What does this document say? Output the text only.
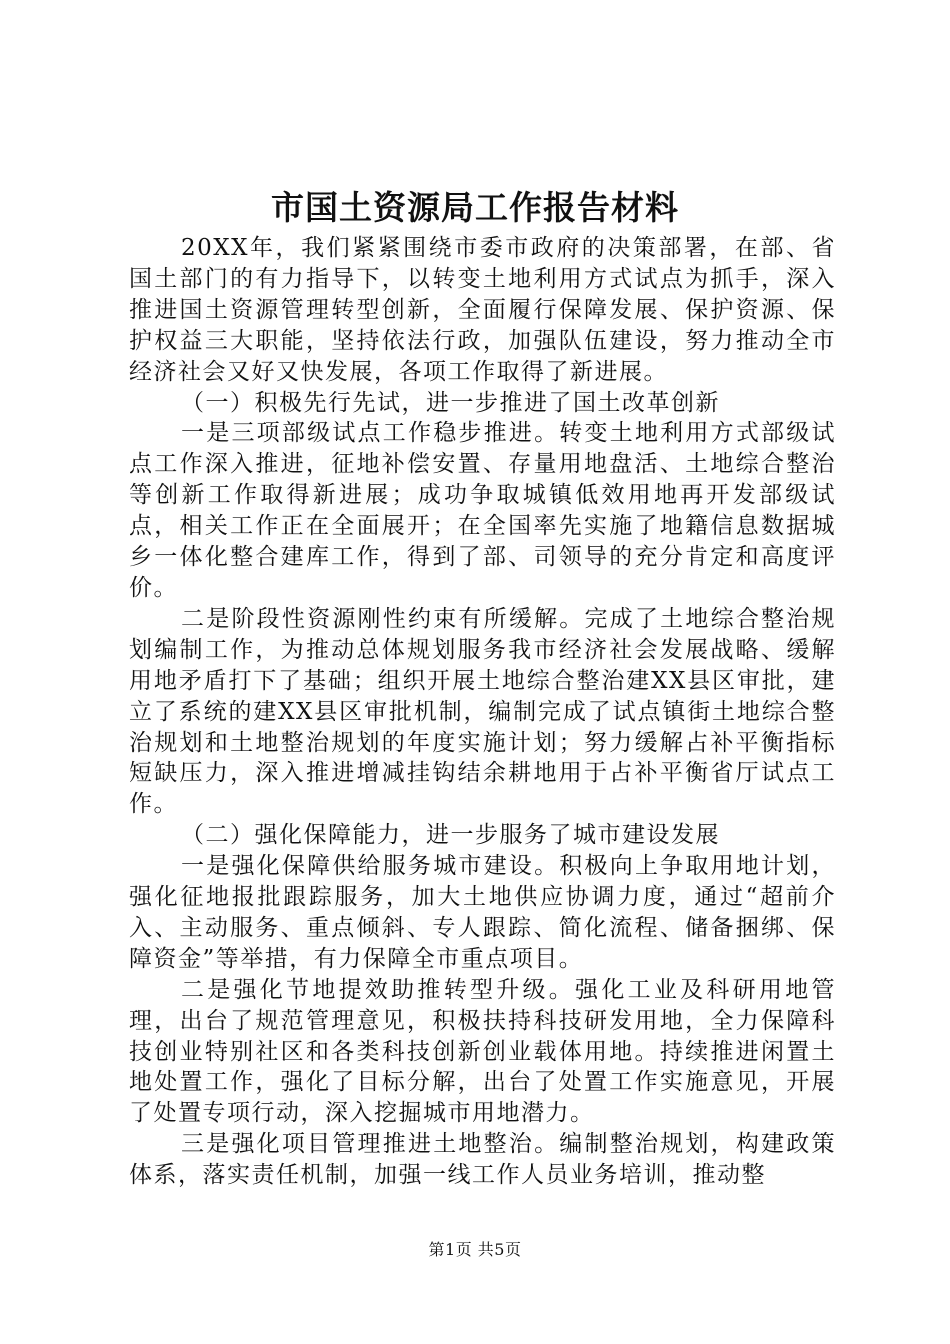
市国土资源局工作报告材料

20XX年，我们紧紧围绕市委市政府的决策部署，在部、省国土部门的有力指导下，以转变土地利用方式试点为抓手，深入推进国土资源管理转型创新，全面履行保障发展、保护资源、保护权益三大职能，坚持依法行政，加强队伍建设，努力推动全市经济社会又好又快发展，各项工作取得了新进展。

（一）积极先行先试，进一步推进了国土改革创新

一是三项部级试点工作稳步推进。转变土地利用方式部级试点工作深入推进，征地补偿安置、存量用地盘活、土地综合整治等创新工作取得新进展；成功争取城镇低效用地再开发部级试点，相关工作正在全面展开；在全国率先实施了地籍信息数据城乡一体化整合建库工作，得到了部、司领导的充分肯定和高度评价。

二是阶段性资源刚性约束有所缓解。完成了土地综合整治规划编制工作，为推动总体规划服务我市经济社会发展战略、缓解用地矛盾打下了基础；组织开展土地综合整治建XX县区审批，建立了系统的建XX县区审批机制，编制完成了试点镇街土地综合整治规划和土地整治规划的年度实施计划；努力缓解占补平衡指标短缺压力，深入推进增减挂钩结余耕地用于占补平衡省厅试点工作。

（二）强化保障能力，进一步服务了城市建设发展

一是强化保障供给服务城市建设。积极向上争取用地计划，强化征地报批跟踪服务，加大土地供应协调力度，通过“超前介入、主动服务、重点倾斜、专人跟踪、简化流程、储备捆绑、保障资金”等举措，有力保障全市重点项目。

二是强化节地提效助推转型升级。强化工业及科研用地管理，出台了规范管理意见，积极扶持科技研发用地，全力保障科技创业特别社区和各类科技创新创业载体用地。持续推进闲置土地处置工作，强化了目标分解，出台了处置工作实施意见，开展了处置专项行动，深入挖掘城市用地潜力。

三是强化项目管理推进土地整治。编制整治规划，构建政策体系，落实责任机制，加强一线工作人员业务培训，推动整

第1页 共5页
